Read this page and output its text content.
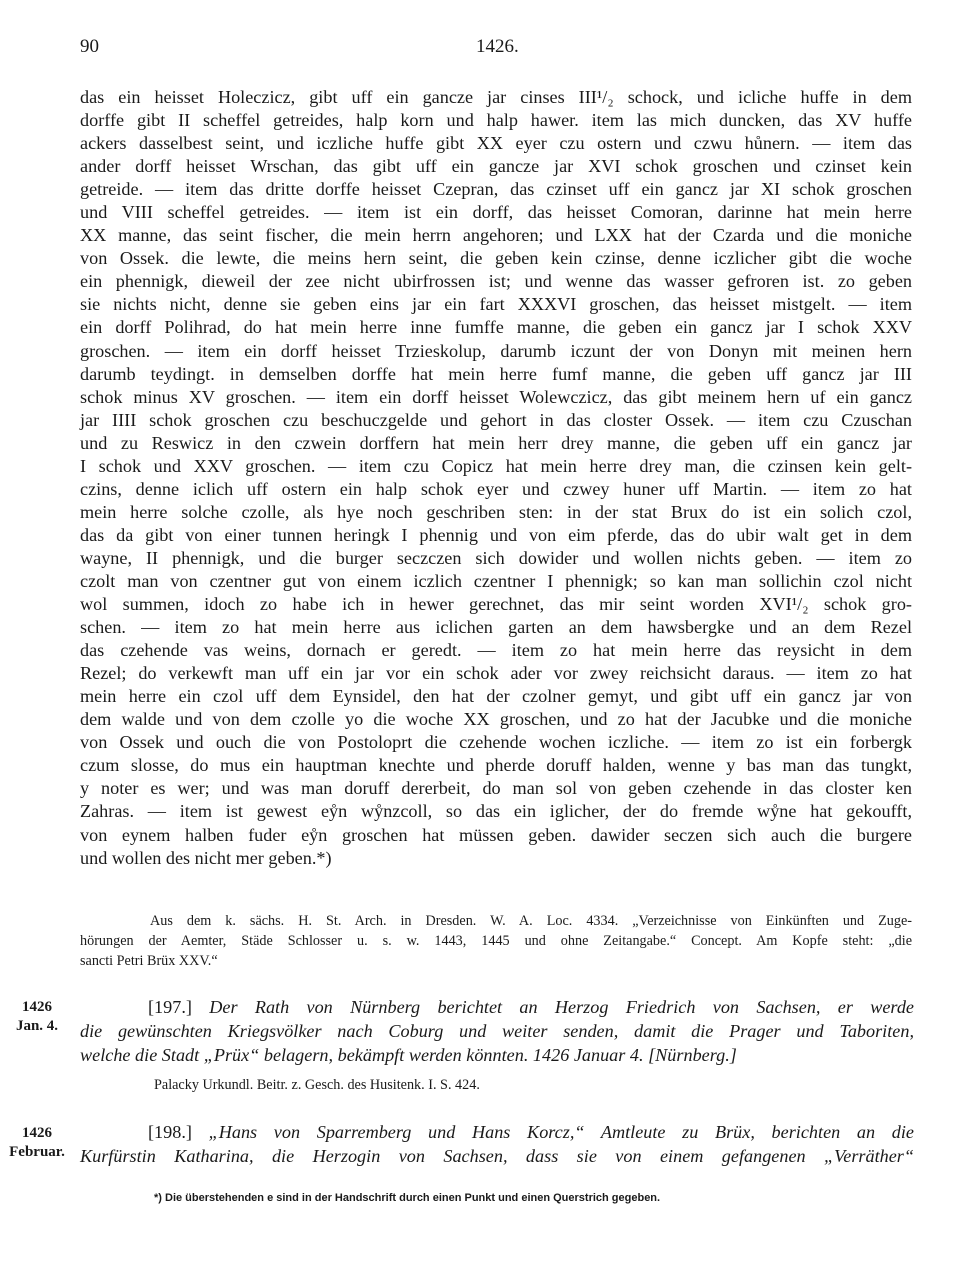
90	1426.
das ein heisset Holeczicz, gibt uff ein gancze jar cinses III¹/₂ schock, und icliche huffe in dem
dorffe gibt II scheffel getreides, halp korn und halp hawer. item las mich duncken, das XV huffe
ackers dasselbest seint, und iczliche huffe gibt XX eyer czu ostern und czwu hůnern. — item das
ander dorff heisset Wrschan, das gibt uff ein gancze jar XVI schok groschen und czinset kein
getreide. — item das dritte dorffe heisset Czepran, das czinset uff ein gancz jar XI schok groschen
und VIII scheffel getreides. — item ist ein dorff, das heisset Comoran, darinne hat mein herre
XX manne, das seint fischer, die mein herrn angehoren; und LXX hat der Czarda und die moniche
von Ossek. die lewte, die meins hern seint, die geben kein czinse, denne iczlicher gibt die woche
ein phennigk, dieweil der zee nicht ubirfrossen ist; und wenne das wasser gefroren ist. zo geben
sie nichts nicht, denne sie geben eins jar ein fart XXXVI groschen, das heisset mistgelt. — item
ein dorff Polihrad, do hat mein herre inne fumffe manne, die geben ein gancz jar I schok XXV
groschen. — item ein dorff heisset Trzieskolup, darumb iczunt der von Donyn mit meinen hern
darumb teydingt. in demselben dorffe hat mein herre fumf manne, die geben uff gancz jar III
schok minus XV groschen. — item ein dorff heisset Wolewczicz, das gibt meinem hern uf ein gancz
jar IIII schok groschen czu beschuczgelde und gehort in das closter Ossek. — item czu Czuschan
und zu Reswicz in den czwein dorffern hat mein herr drey manne, die geben uff ein gancz jar
I schok und XXV groschen. — item czu Copicz hat mein herre drey man, die czinsen kein gelt-
czins, denne iclich uff ostern ein halp schok eyer und czwey huner uff Martin. — item zo hat
mein herre solche czolle, als hye noch geschriben sten: in der stat Brux do ist ein solich czol,
das da gibt von einer tunnen heringk I phennig und von eim pferde, das do ubir walt get in dem
wayne, II phennigk, und die burger seczczen sich dowider und wollen nichts geben. — item zo
czolt man von czentner gut von einem iczlich czentner I phennigk; so kan man sollichin czol nicht
wol summen, idoch zo habe ich in hewer gerechnet, das mir seint worden XVI¹/₂ schok gro-
schen. — item zo hat mein herre aus iclichen garten an dem hawsbergke und an dem Rezel
das czehende vas weins, dornach er geredt. — item zo hat mein herre das reysicht in dem
Rezel; do verkewft man uff ein jar vor ein schok ader vor zwey reichsicht daraus. — item zo hat
mein herre ein czol uff dem Eynsidel, den hat der czolner gemyt, und gibt uff ein gancz jar von
dem walde und von dem czolle yo die woche XX groschen, und zo hat der Jacubke und die moniche
von Ossek und ouch die von Postoloprt die czehende wochen iczliche. — item zo ist ein forbergk
czum slosse, do mus ein hauptman knechte und pherde doruff halden, wenne y bas man das tungkt,
y noter es wer; und was man doruff dererbeit, do man sol von geben czehende in das closter ken
Zahras. — item ist gewest eẙn wẙnzcoll, so das ein iglicher, der do fremde wẙne hat gekoufft,
von eynem halben fuder eẙn groschen hat müssen geben. dawider seczen sich auch die burgere
und wollen des nicht mer geben.*)
Aus dem k. sächs. H. St. Arch. in Dresden. W. A. Loc. 4334. „Verzeichnisse von Einkünften und Zuge-
hörungen der Aemter, Städe Schlosser u. s. w. 1443, 1445 und ohne Zeitangabe.“ Concept. Am Kopfe steht: „die
sancti Petri Brüx XXV.“
1426
Jan. 4.
[197.] Der Rath von Nürnberg berichtet an Herzog Friedrich von Sachsen, er werde
die gewünschten Kriegsvölker nach Coburg und weiter senden, damit die Prager und Taboriten,
welche die Stadt „Prüx“ belagern, bekämpft werden könnten. 1426 Januar 4. [Nürnberg.]
Palacky Urkundl. Beitr. z. Gesch. des Husitenk. I. S. 424.
1426
Februar.
[198.] „Hans von Sparremberg und Hans Korcz,“ Amtleute zu Brüx, berichten an die
Kurfürstin Katharina, die Herzogin von Sachsen, dass sie von einem gefangenen „Verräther“
*) Die überstehenden e sind in der Handschrift durch einen Punkt und einen Querstrich gegeben.
